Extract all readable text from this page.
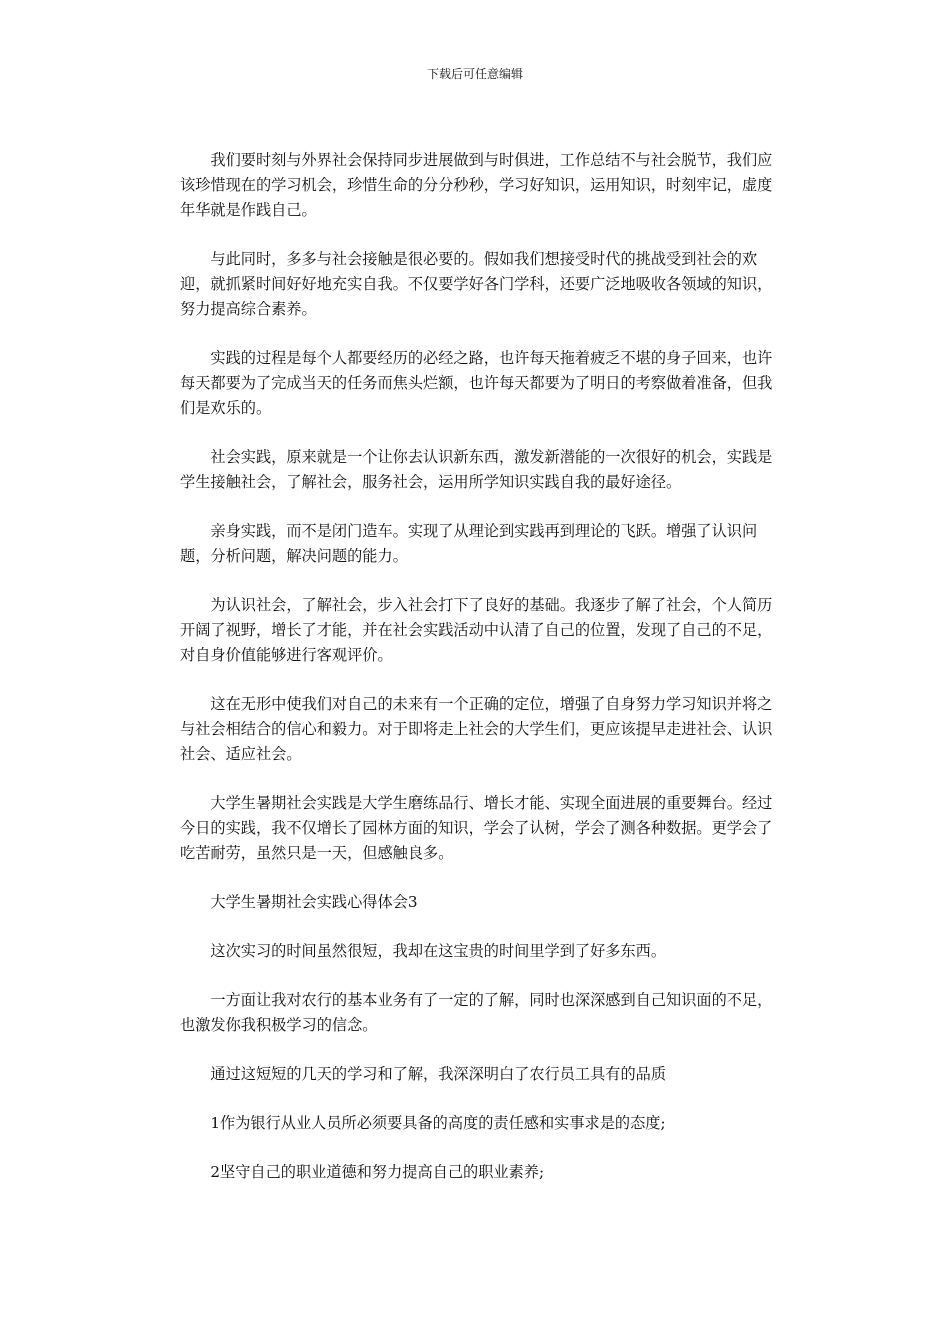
下载后可任意编辑

我们要时刻与外界社会保持同步进展做到与时俱进，工作总结不与社会脱节，我们应该珍惜现在的学习机会，珍惜生命的分分秒秒，学习好知识，运用知识，时刻牢记，虚度年华就是作践自己。

与此同时，多多与社会接触是很必要的。假如我们想接受时代的挑战受到社会的欢迎，就抓紧时间好好地充实自我。不仅要学好各门学科，还要广泛地吸收各领域的知识，努力提高综合素养。

实践的过程是每个人都要经历的必经之路，也许每天拖着疲乏不堪的身子回来，也许每天都要为了完成当天的任务而焦头烂额，也许每天都要为了明日的考察做着准备，但我们是欢乐的。

社会实践，原来就是一个让你去认识新东西，激发新潜能的一次很好的机会，实践是学生接触社会，了解社会，服务社会，运用所学知识实践自我的最好途径。

亲身实践，而不是闭门造车。实现了从理论到实践再到理论的飞跃。增强了认识问题，分析问题，解决问题的能力。

为认识社会，了解社会，步入社会打下了良好的基础。我逐步了解了社会，个人简历开阔了视野，增长了才能，并在社会实践活动中认清了自己的位置，发现了自己的不足，对自身价值能够进行客观评价。

这在无形中使我们对自己的未来有一个正确的定位，增强了自身努力学习知识并将之与社会相结合的信心和毅力。对于即将走上社会的大学生们，更应该提早走进社会、认识社会、适应社会。

大学生暑期社会实践是大学生磨练品行、增长才能、实现全面进展的重要舞台。经过今日的实践，我不仅增长了园林方面的知识，学会了认树，学会了测各种数据。更学会了吃苦耐劳，虽然只是一天，但感触良多。

大学生暑期社会实践心得体会3

这次实习的时间虽然很短，我却在这宝贵的时间里学到了好多东西。

一方面让我对农行的基本业务有了一定的了解，同时也深深感到自己知识面的不足，也激发你我积极学习的信念。

通过这短短的几天的学习和了解，我深深明白了农行员工具有的品质

1作为银行从业人员所必须要具备的高度的责任感和实事求是的态度;

2坚守自己的职业道德和努力提高自己的职业素养;
